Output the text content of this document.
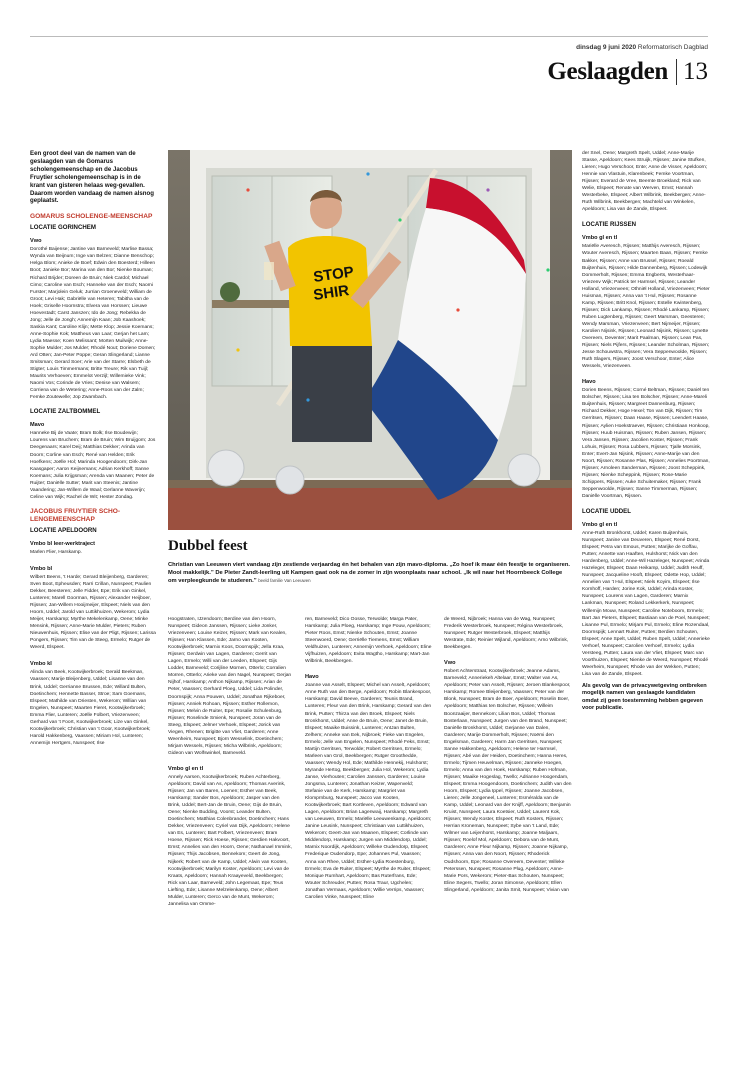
dinsdag 9 juni 2020 Reformatorisch Dagblad
Geslaagden 13

Een groot deel van de namen van de geslaagden van de Gomarus scholengemeenschap en de Jacobus Fruytier scholengemeenschap is in de krant van gisteren helaas weg-gevallen. Daarom worden vandaag de namen alsnog geplaatst.

GOMARUS SCHOLENGE-MEENSCHAP

LOCATIE GORINCHEM

Vwo

Dorothé Baijense; Jantine van Barneveld; Marlise Bassa; Wynda van Beijnum; Inge van Belzen; Dianne Benschop; Helga Blom; Anieke de Boef; Edwin den Boesterd; Hilleen Boot; Janieke Bor; Marina van den Bor; Nienke Bouman; Richard Brijder; Doreen de Bruin; Niek Cardol; Michael Cimo; Caroline van Esch; Hanneke van der Esch; Naomi Furster; Marjolein Geluk; Jurrian Groeneveld; William de Groot; Levi Hak; Gabriëlle van Heteren; Tabitha van de Hoek; Griselle Hoornstra; Elvera van Horssen; Lieuwe Hoevestadt; Carst Janszen; Ido de Jong; Rebekka de Jong; Jelle de Jongh; Annemijn Kaan; Job Kaashoek; Saskia Kant; Caroline Klijn; Mette Klop; Jessie Koemans; Anne-Sophie Kok; Mattheus van Laar; Gerjan het Lam; Lydia Maesse; Koen Melissant; Morten Muilwijk; Anne-Sophie Mulder; Jos Mulder; Rhodé Nout; Doriene Domen; Ard Otten; Jan-Peter Poppe; Geran Slingerland; Lianne Smitsman; Gerard Soer; Arie van der Starre; Elsbeth de Stigter; Louis Timmermans; Britte Treure; Rik van Tuijl; Maurits Verhoeven; Emmelot Verzijl; Willemieke Vink; Naomi Vos; Corinde de Vries; Denise van Walsem; Corriena van de Wetering; Anne-Roos van der Zalm; Femke Zoutewelle; Jop Zwambach.

LOCATIE ZALTBOMMEL

Mavo

Hanneke Bij de Vaate; Bram Bolk; Ilse Boudewijn; Lourens van Bruchem; Bram de Bruin; Wim Bruijgom; Jos Deegenaars; Karel Deij; Matthias Dekker; Arinda van Doorn; Corline van Esch; René van Helden; Erik Hoefkens; Joëlle Hol; Marinda Hoogendoorn; Dirk-Jan Kaasgaper; Aaron Keijnemans; Adrian Kerkhoff; Sanne Koemans; Julia Krijgsman; Arenda van Maanen; Peter de Ruijter; Daniëlle Sutter; Marit van Steenis; Jantine Vaandering; Jan-Willem de Waal; Gerlanne Waverijn; Celine van Wijk; Rachel de Wit; Hester Zondag.

JACOBUS FRUYTIER SCHO-LENGEMEENSCHAP

LOCATIE APELDOORN

Vmbo bl leer-werktraject

Marlen Flier, Harskamp.

Vmbo bl

Wilbert Beens, 't Harde; Gerard Bleijenberg, Garderen; Sven Boot, Epheusden; Rarri Crillan, Nunspeet; Paulien Dekker, Beesteren; Jelle Fidder, Epe; Erik van Ginkel, Lunteren; Marell Goorman, Rijssen; Alexander Heijboer, Rijssen; Jan-Willem Hooijmeijer, Elspeet; Niels van den Hoorn, Uddel; Jarold van Luttikhuizen, Wekerom; Lydia Meijer, Harskamp; Myrthe Mekelenkamp, Oene; Minke Mensink, Rijssen; Anne-Marie Mulder, Pieters; Ruben Nieuwenhuis, Rijssen; Elise van der Pligt, Rijssen; Larissa Pongers, Rijssen; Tim van de Steeg, Ermelo; Rutger de Weerd, Elspeet.

Vmbo kl

Alinda van Beek, Kootwijkerbroek; Gerald Beekman, Vaassen; Marije Bleijenberg, Uddel; Lisanne van den Brink, Uddel; Gerrianne Brussen, Ede; Willard Bulten, Doetinchem; Hennette Basser, Stroe; Sam Goemans, Elspeet; Mathilde van Driesten, Wekerom; Willian van Engelen, Nunspeet; Maarten Fieret, Kootwijkerbroek; Emma Flier, Lunteren; Joëlle Folbert, Vriezenveen; Gerhard van 't Foort, Kootwijkerbroek; Lize van Ginkel, Kootwijkerbroek; Christian van 't Goor, Kootwijkerbroek; Harold Hakkenberg, Vaassen; Miriam Hol, Lunteren; Annemijn Hertgers, Nunspeet; Ilse

STOP
SHIR
Dubbel feest
Christian van Leeuwen viert vandaag zijn zestiende verjaardag én het behalen van zijn mavo-diploma. „Zo hoef ik maar één feestje te organiseren. Mooi makkelijk.” De Pieter Zandt-leerling uit Kampen gaat ook na de zomer in zijn woonplaats naar school. „Ik wil naar het Hoornbeeck College om verpleegkunde te studeren.” beeld familie Van Leeuwen

Hoogstraten, IJzendoorn; Berdine van den Hoorn, Nunspeet; Gideon Janssen, Rijssen; Lieke Jonker, Vriezenveen; Louise Keizer, Rijssen; Mark van Kealen, Rijssen; Han Klassen, Ede; Jarno van Kooten, Kootwijkerbroek; Marnix Koos, Doornspijk; Jella Kraa, Rijssen; Gerdwin van Lagen, Garderen; Gerrit van Lagen, Ermelo; Willi van der Leeden, Elspeet; Gijs Lodder, Barneveld; Corijline Mornen, Otterlo; Corralien Morren, Otterlo; Arieke van den Nagel, Nunspeet; Gerjan Nijhof, Harskamp; Anthon Nijkamp, Rijssen; Arian de Peter, Vaassen; Gerhard Ploeg, Uddel; Lida Polinder, Doornspijk; Anna Pouwen, Uddel; Jonathan Rijkeboer, Rijssen; Anniek Rohoan, Rijssen; Esther Rollemon, Rijssen; Melvin de Ruiter, Epe; Rosalie Schulenburg, Rijssen; Roselinde Smienk, Nunspeet; Joran van de Steeg, Elspeet; Jelmer Verhoek, Elspeet; Jorick van Viegen, Rhenen; Brigitte van Vliet, Garderen; Anne Weenheim, Nunspeet; Bjorn Wesselink, Doetinchem; Mirjam Wessels, Rijssen; Micha Wilbrink, Apeldoorn; Gideon van Wolfswinkel, Barneveld.

Vmbo gl en tl

Annely Aarsen, Kootwijkerbroek; Ruben Achterberg, Apeldoorn; David van As, Apeldoorn; Thomas Averink, Rijssen; Jan van Baren, Loenen; Esther van Beek, Harskamp; Sander Bos, Apeldoorn; Jasper van den Brink, Uddel; Bert-Jan de Bruin, Oene; Gijs de Bruin, Oene; Nienke Budding, Voorst; Leander Bulten, Doetinchem; Matthias Colenbrander, Doetinchem; Hans Dekker, Vriezenveen; Cyriel van Dijk, Apeldoorn; Helene van Es, Lunteren; Bart Folbert, Vriezenveen; Bram Hoese, Rijssen; Rick Hoese, Rijssen; Gerdien Hakvoort, Emst; Annelies van den Hoorn, Oene; Nathanael Immink, Rijssen; Thijs Jacobsen, Bennekom; Geert de Jong, Nijkerk; Robert van de Kamp, Uddel; Alwin van Kooten, Kootwijkerbroek; Marilyn Koster, Apeldoorn; Levi van de Kraats, Apeldoorn; Hannah Kraayeveld, Beekbergen; Rick van Laar, Barneveld; John Legemaat, Epe; Teus Liefting, Ede; Lisanne Melzelenkamp, Oene; Albert Mulder, Lunteren; Gerco van de Munt, Wekerom; Jannelisa van Omme-

ren, Barneveld; Dico Oosse, Terwolde; Marga Pater, Harskamp; Julia Ploeg, Harskamp; Inge Pouw, Apeldoorn; Pieter Roos, Emst; Nienke Schouten, Emst; Joanne Steenwoerd, Oene; Gerriëlle Tiemens, Emst; William Veldhuizen, Lunteren; Annemijn Verhoek, Apeldoorn; Eline Vijfhuizen, Apeldoorn; Evita Wagtho, Harskamp; Mart-Jan Wilbrink, Beekbergen.

Havo

Joanne van Asselt, Elspeet; Michel van Asselt, Apeldoorn; Anne Ruth van den Berge, Apeldoorn; Robin Blankespoor, Harskamp; David Beeve, Garderen; Teunis Brand, Lunteren; Fleur van den Brink, Harskamp; Gerard van den Brink, Putten; Thirza van den Broek, Elspeet; Niels Bronkhorst, Uddel; Anne de Bruin, Oene; Janet de Bruin, Elspeet; Maaike Buissink, Lunteren; AntJan Bulten, Zelhem; Anneke van Eek, Nijbroek; Fieke van Engelen, Ermelo; Jelle van Engelen, Nunspeet; Rhodé Feks, Emst; Martijn Gerritsen, Terwolde; Robert Gerritsen, Ermelo; Marleen van Grol, Beekbergen; Rutger Groothedde, Vaassen; Wendy Hol, Ede; Mathilde Hennekij, Hulshorst; Myrande Hertog, Beekbergen; Julia Hol, Wekerom; Lydia Janse, Vierhouten; Carolien Janssen, Garderen; Louise Jongsma, Lunteren; Jonathan Keizer, Wapenveld; Stefanie van de Kerk, Harskamp; Margriet van Klomprnburg, Nunspeet; Jacco van Kooten, Kootwijkerbroek; Bart Kortleven, Apeldoorn; Edward van Lagen, Apeldoorn; Brian Lagenwaij, Harskamp; Margreth van Leeuwen, Ermelo; Mariëlle Leeuwenkamp, Apeldoorn; Janine Leusink, Nunspeet; Christiaan van Luttikhuizen, Wekerom; Geert-Jan van Maanen, Elspeet; Corlinde van Middendorp, Harskamp; Jurgen van Middendorp, Uddel; Marnix Noordijk, Apeldoorn; Willeke Oudendorp, Elspeet; Frederique Oudendorp, Epe; Johannes Pul, Vaassen; Anna van Rhee, Uddel; Esther-Lydia Roestenburg, Ermelo; Eva de Ruiter, Elspeet; Myrthe de Ruiter, Elspeet; Monique Rumhart, Apeldoorn; Bas Ruterfrans, Ede; Wouter Schreuder, Putten; Rosa Traur, Ugchelen; Jonathan Vermaas, Apeldoorn; Willie Verrips, Vaassen; Carolien Vinke, Nunspeet; Eline

de Weerd, Nijbroek; Hanna van de Wag, Nunspeet; Frederik Westerbroek, Nunspeet; Régina Westerbroek, Nunspeet; Rutger Westerbroek, Elspeet; Matthijs Westrate, Ede; Reinier Wijland, Apeldoorn; Arno Wilbrink, Beekbergen.

Vwo

Robert Achterstraat, Kootwijkerbroek; Jeanne Adams, Barneveld; Anneriekeh Altelaar, Emst; Walter van As, Apeldoorn; Peter van Asselt, Rijssen; Jeroen Blankespoor, Harskamp; Romee Bleijenberg, Vaassen; Peter van der Blonk, Nunspeet; Bram de Boer, Apeldoorn; Roselin Boer, Apeldoorn; Matthias ten Bolscher, Rijssen; Willeim Boonzaaijer, Bennekom; Lilian Bos, Uddel; Thomas Bosterlaan, Nunspeet; Jurgen van den Brand, Nunspeet; Daniëlle Bronkhorst, Uddel; Gerjanne van Dalen, Garderen; Marije Dommerholt, Rijssen; Noëmi den Engelsman, Garderen; Harm Jan Gerritsen, Nunspeet; Sanne Hakkenberg, Apeldoorn; Helene ter Harmsel, Rijssen; Abé van der Heiden, Doetinchem; Hanna Heres, Ermelo; Tijmen Heuvelman, Rijssen; Janneke Hoegen, Ermelo; Anna van den Hoek, Harskamp; Ruben Hofman, Rijssen; Maaike Hogeslag, Twello; Adrianne Hoogendam, Elspeet; Emma Hoogendoorn, Doetinchem; Judith van den Hoorn, Elspeet; Lydia Ippel, Rijssen; Joanne Jacobsen, Lieren; Jelle Jongeneel, Lunteren; Esméralda van de Kamp, Uddel; Leonard van der Knijff, Apeldoorn; Benjamin Kruist, Nunspeet; Laura Koetsier, Uddel; Laurent Kok, Rijssen; Wendy Koster, Elspeet; Ruth Kosters, Rijssen; Herrian Kroneman, Nunspeet; Sybe van 't Land, Ede; Wilmer van Leijenhorst, Harskamp; Joanne Maljaars, Rijssen; Roelof Mol, Apeldoorn; Debora van de Munt, Garderen; Anne Fleur Nijkamp, Rijssen; Joanne Nijkamp, Rijssen; Anna van den Noort, Rijssen; Rhoderick Oudshoorn, Epe; Rosanne Overeem, Deventer; Willeke Peterssen, Nunspeet; Rosanne Plug, Apeldoorn; Anne-Marie Pors, Wekerom; Pieter-Bas Schouten, Nunspeet; Eline Segers, Twello; Joran Simonse, Apeldoorn; Ellen Slingerland, Apeldoorn; Janita Smit, Nunspeet; Vivian van

der Snel, Oene; Margreth Spelt, Uddel; Anne-Marije Stasse, Apeldoorn; Kees Struijk, Rijssen; Janine Stufken, Lieren; Hugo Verschoor, Ente; Anne de Visser, Apeldoorn; Hennie van Vlastuin, Klarenbeek; Femke Voortman, Rijssen; Everard de Vree, Beemte Broekland; Rick van Welie, Elspeet; Renate van Werven, Emst; Hannah Westerbeke, Elspeet; Albert Wilbrink, Beekbergen; Anne-Ruth Wilbrink, Beekbergen; Machteld van Winkelen, Apeldoorn; Lisa van de Zande, Elspeet.

LOCATIE RIJSSEN

Vmbo gl en tl

Mariëlle Averesch, Rijssen; Matthijs Averesch, Rijssen; Wouter Averesch, Rijssen; Maarten Baan, Rijssen; Femke Bakker, Rijssen; Anne van Brussel, Rijssen; Roeald Buijtenhuis, Rijssen; Hilde Dannenberg, Rijssen; Lodewijk Dommerholt, Rijssen; Emma Engberts, Westerhaar-Vriezenv Wijk; Patrick ter Harmsel, Rijssen; Leander Holland, Vriezenveen; Othniël Holland, Vriezenveen; Pieter Huisman, Rijssen; Anna van 't Hul, Rijssen; Rosanne Kamp, Rijssen; Britt Knol, Rijssen; Estelle Kwintenberg, Rijssen; Dick Lankamp, Rijssen; Rhodé Lankamp, Rijssen; Ruben Lugtenberg, Rijssen; Geert Marsman, Geesteren; Wendy Marsman, Vriezenveen; Bert Nijmeijer, Rijssen; Karolien Nijsink, Rijssen; Leonard Nijsink, Rijssen; Lynette Overeem, Deventer; Marit Paalman, Rijssen; Lean Pas, Rijssen; Niels Pijfers, Rijssen; Leander Scholman, Rijssen; Jesse Schouwstra, Rijssen; Vera Seppenwoolde, Rijssen; Ruth Slagers, Rijssen; Joost Verschoor, Enter; Alice Wessels, Vriezenveen.

Havo

Dorien Beens, Rijssen; Corné Beltman, Rijssen; Daniël ten Bolscher, Rijssen; Lisa ten Bolscher, Rijssen; Anne-Mareli Buijtenhuis, Rijssen; Margreet Dannenburg, Rijssen; Richard Dekker, Hoge Hexel; Ton van Dijk, Rijssen; Tim Gerritsen, Rijssen; Daan Haase, Rijssen; Leendert Haase, Rijssen; Aylien Hoekstraever, Rijssen; Christiaan Honkoop, Rijssen; Huub Huisman, Rijssen; Ruben Jansen, Rijssen; Vera Jansen, Rijssen; Jacolien Koster, Rijssen; Frank Lohuis, Rijssen; Rosa Lubbers, Rijssen; Tjalle Morsink, Enter; Evert-Jan Nijsink, Rijssen; Anne-Marije van den Noort, Rijssen; Rosanne Plas, Rijssen; Annelies Poortman, Rijssen; Arnoleen Sanderman, Rijssen; Joost Scheppink, Rijssen; Nienke Scheppink, Rijssen; Rose-Marie Schippers, Rijssen; Auke Schuitemaker, Rijssen; Frank Seppenwoolde, Rijssen; Sanne Timmerman, Rijssen; Daniëlle Voortman, Rijssen.

LOCATIE UDDEL

Vmbo gl en tl

Anne-Ruth Bronkhorst, Uddel; Karen Buijtenhuis, Nunspeet; Janine van Deuveren, Elspeet; René Dorst, Elspeet; Petra van Emous, Putten; Marijke de Goffau, Putten; Annette van Haaften, Hulshorst; Nick van den Hardenberg, Uddel; Anne-Wil Hazeleger, Nunspeet; Arinda Hazeleger, Elspeet; Daan Heikamp, Uddel; Judith Heuff, Nunspeet; Jacqueline Hooft, Elspeet; Odette Hop, Uddel; Annelien van 't Hul, Elspeet; Niels Koyim, Elspeet; Ilse Kornhoff, Harden; Jorine Kok, Uddel; Arinda Koster, Nunspeet; Lourens van Lagen, Garderen; Marnix Lankman, Nunspeet; Roland Lekkerkerk, Nunspeet; Willemijn Mouw, Nunspeet; Caroline Noteboom, Ermelo; Bart Jan Pieters, Elspeet; Bastiaan van de Poel, Nunspeet; Lisanne Pul, Ermelo; Mirjam Pul, Ermelo; Eline Rozendaal, Doornspijk; Lennart Ruiter, Putten; Berdien Schouten, Elspeet; Anne Spelt, Uddel; Ruben Spelt, Uddel; Annerieke Verhoef, Nunspeet; Carolien Verhoef, Ermelo; Lydia Versteeg, Putten; Laura van der Vliet, Elspeet; Marc van Voorthuizen, Elspeet; Nienke de Weerd, Nunspeet; Rhodé Weerheim, Nunspeet; Rhode van der Wekken, Putten; Lisa van de Zande, Elspeet.

Als gevolg van de privacywetgeving ontbreken mogelijk namen van geslaagde kandidaten omdat zij geen toestemming hebben gegeven voor publicatie.
